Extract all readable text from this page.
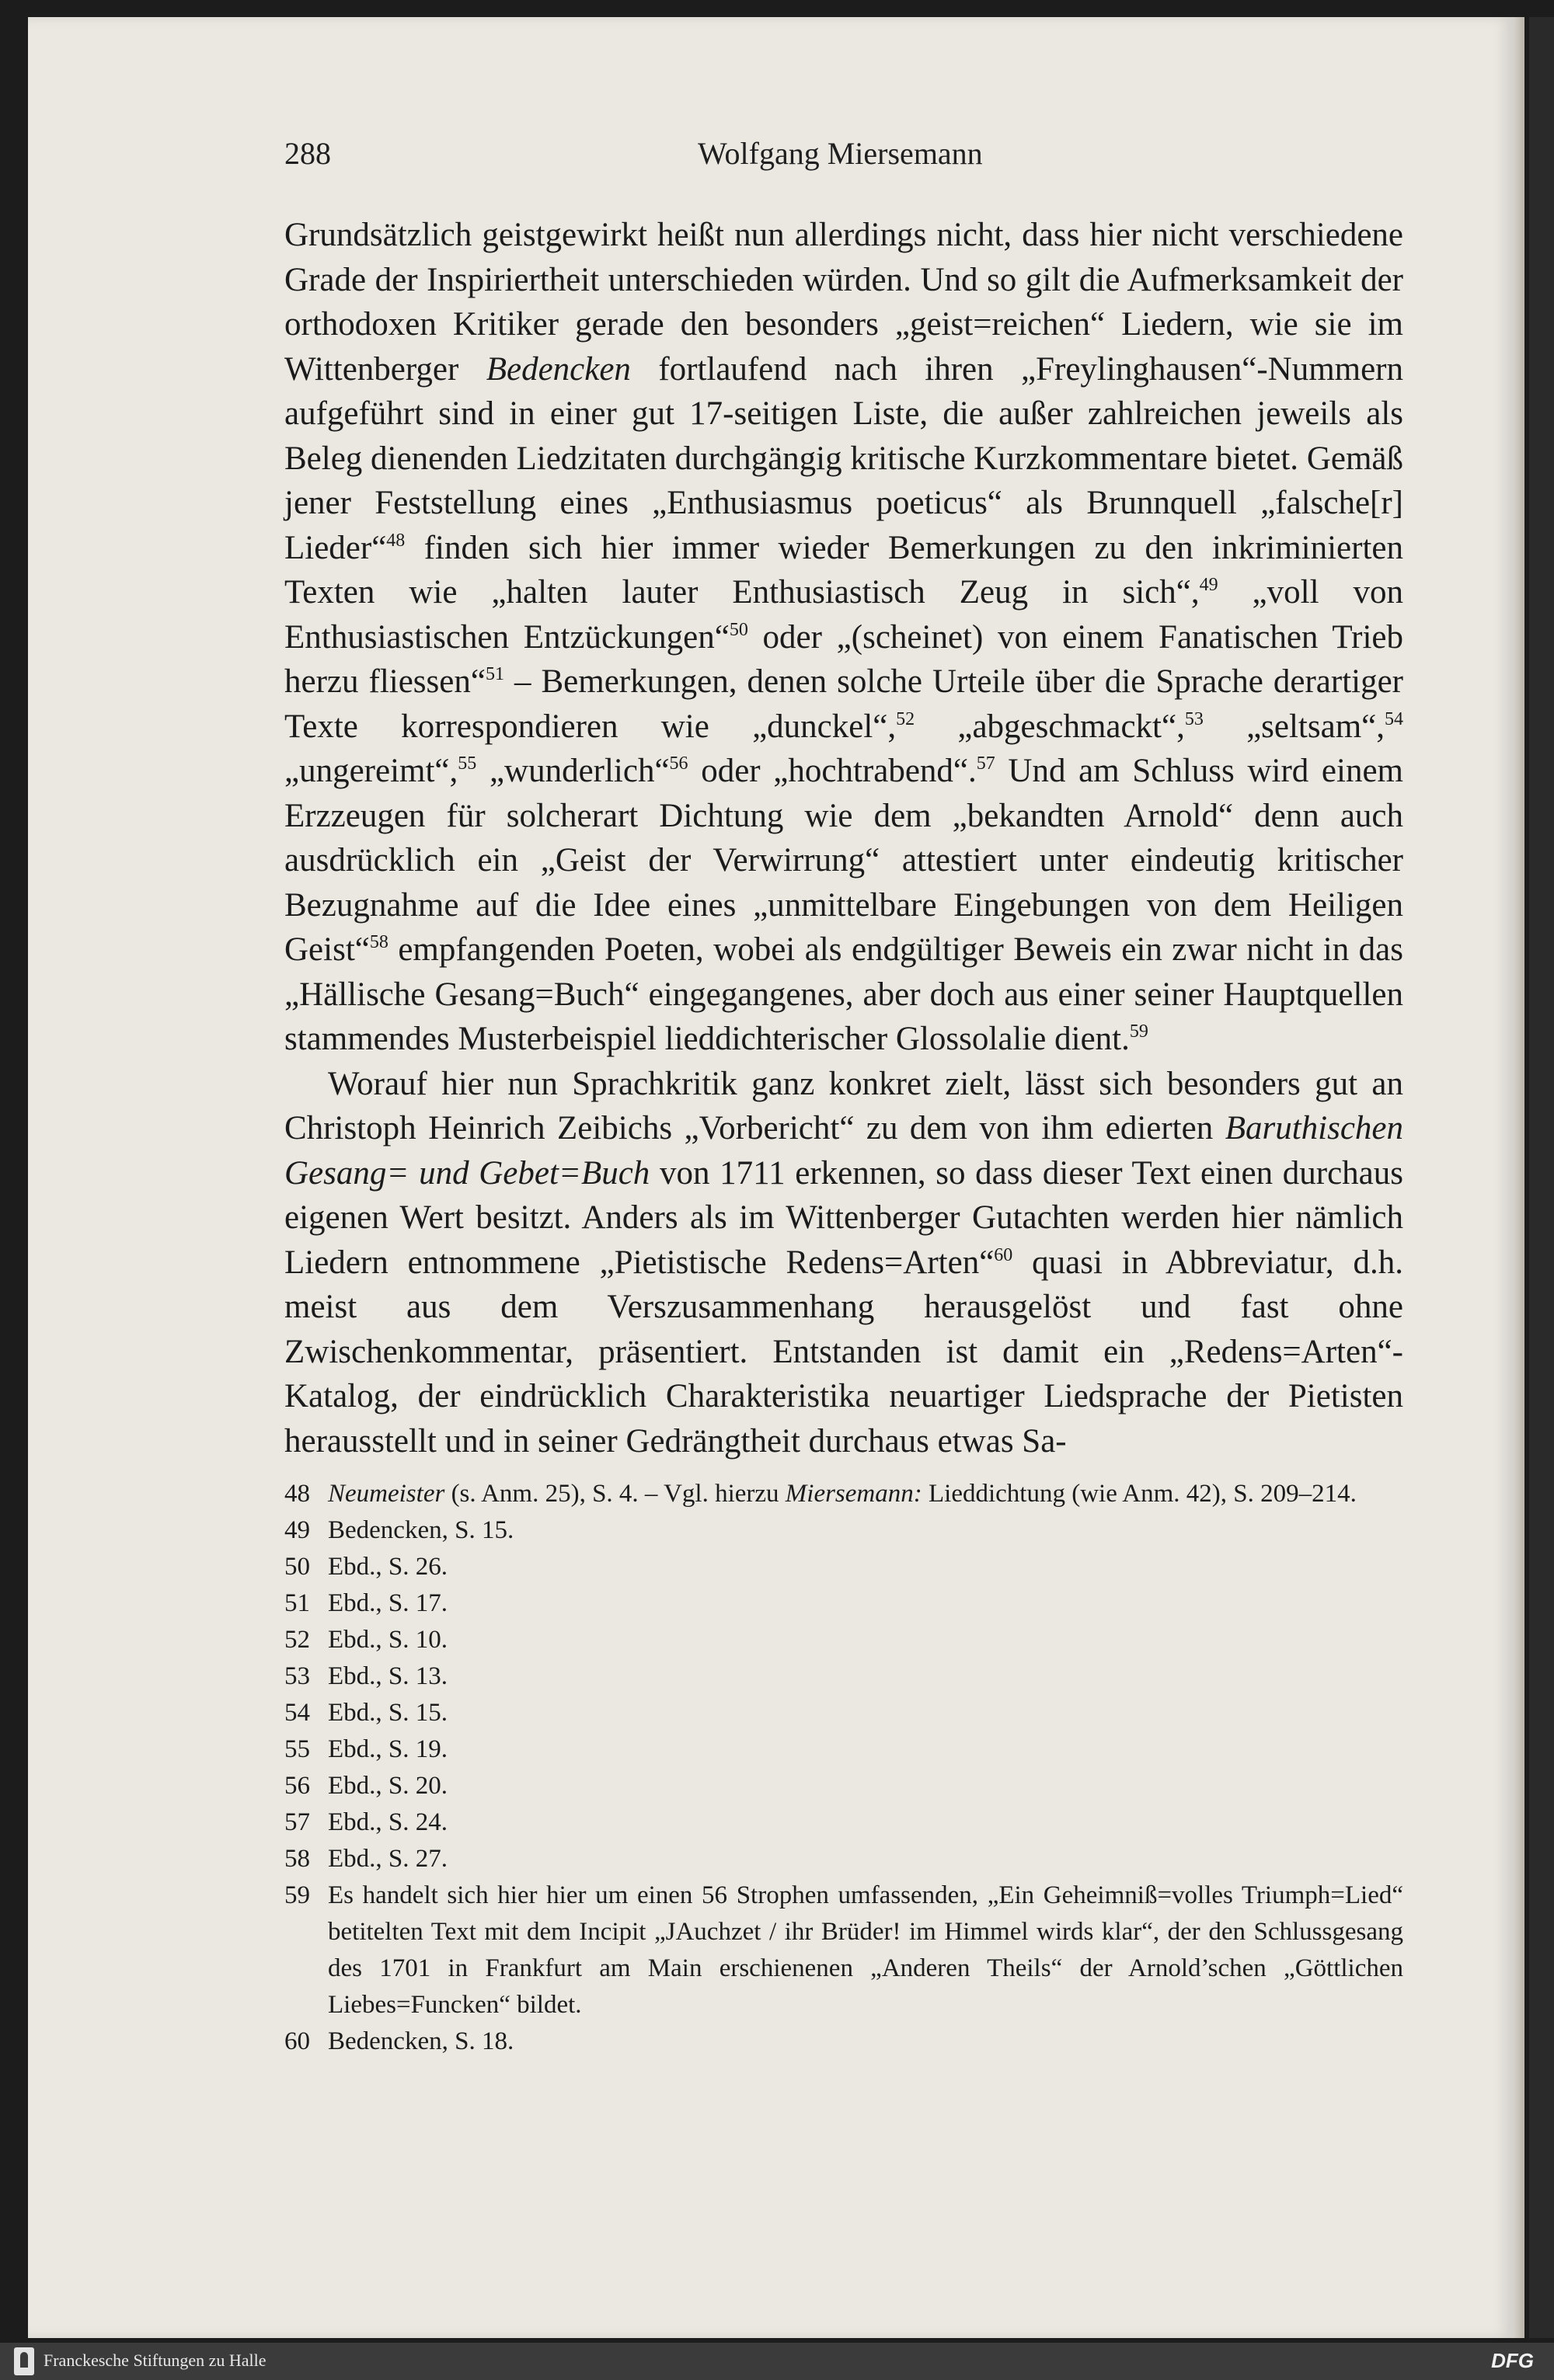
288	Wolfgang Miersemann

Grundsätzlich geistgewirkt heißt nun allerdings nicht, dass hier nicht verschiedene Grade der Inspiriertheit unterschieden würden. Und so gilt die Aufmerksamkeit der orthodoxen Kritiker gerade den besonders „geist=reichen“ Liedern, wie sie im Wittenberger Bedencken fortlaufend nach ihren „Freylinghausen“-Nummern aufgeführt sind in einer gut 17-seitigen Liste, die außer zahlreichen jeweils als Beleg dienenden Liedzitaten durchgängig kritische Kurzkommentare bietet. Gemäß jener Feststellung eines „Enthusiasmus poeticus“ als Brunnquell „falsche[r] Lieder“$^{48}$ finden sich hier immer wieder Bemerkungen zu den inkriminierten Texten wie „halten lauter Enthusiastisch Zeug in sich“,$^{49}$ „voll von Enthusiastischen Entzückungen“$^{50}$ oder „(scheinet) von einem Fanatischen Trieb herzu fliessen“$^{51}$ – Bemerkungen, denen solche Urteile über die Sprache derartiger Texte korrespondieren wie „dunckel“,$^{52}$ „abgeschmackt“,$^{53}$ „seltsam“,$^{54}$ „ungereimt“,$^{55}$ „wunderlich“$^{56}$ oder „hochtrabend“.$^{57}$ Und am Schluss wird einem Erzzeugen für solcherart Dichtung wie dem „bekandten Arnold“ denn auch ausdrücklich ein „Geist der Verwirrung“ attestiert unter eindeutig kritischer Bezugnahme auf die Idee eines „unmittelbare Eingebungen von dem Heiligen Geist“$^{58}$ empfangenden Poeten, wobei als endgültiger Beweis ein zwar nicht in das „Hällische Gesang=Buch“ eingegangenes, aber doch aus einer seiner Hauptquellen stammendes Musterbeispiel lieddichterischer Glossolalie dient.$^{59}$

Worauf hier nun Sprachkritik ganz konkret zielt, lässt sich besonders gut an Christoph Heinrich Zeibichs „Vorbericht“ zu dem von ihm edierten Baruthischen Gesang= und Gebet=Buch von 1711 erkennen, so dass dieser Text einen durchaus eigenen Wert besitzt. Anders als im Wittenberger Gutachten werden hier nämlich Liedern entnommene „Pietistische Redens=Arten“$^{60}$ quasi in Abbreviatur, d.h. meist aus dem Verszusammenhang herausgelöst und fast ohne Zwischenkommentar, präsentiert. Entstanden ist damit ein „Redens=Arten“-Katalog, der eindrücklich Charakteristika neuartiger Liedsprache der Pietisten herausstellt und in seiner Gedrängtheit durchaus etwas Sa-

48 Neumeister (s. Anm. 25), S. 4. – Vgl. hierzu Miersemann: Lieddichtung (wie Anm. 42), S. 209–214.
49 Bedencken, S. 15.
50 Ebd., S. 26.
51 Ebd., S. 17.
52 Ebd., S. 10.
53 Ebd., S. 13.
54 Ebd., S. 15.
55 Ebd., S. 19.
56 Ebd., S. 20.
57 Ebd., S. 24.
58 Ebd., S. 27.
59 Es handelt sich hier hier um einen 56 Strophen umfassenden, „Ein Geheimniß=volles Triumph=Lied“ betitelten Text mit dem Incipit „JAuchzet / ihr Brüder! im Himmel wirds klar“, der den Schlussgesang des 1701 in Frankfurt am Main erschienenen „Anderen Theils“ der Arnold’schen „Göttlichen Liebes=Funcken“ bildet.
60 Bedencken, S. 18.
Franckesche Stiftungen zu Halle	DFG
